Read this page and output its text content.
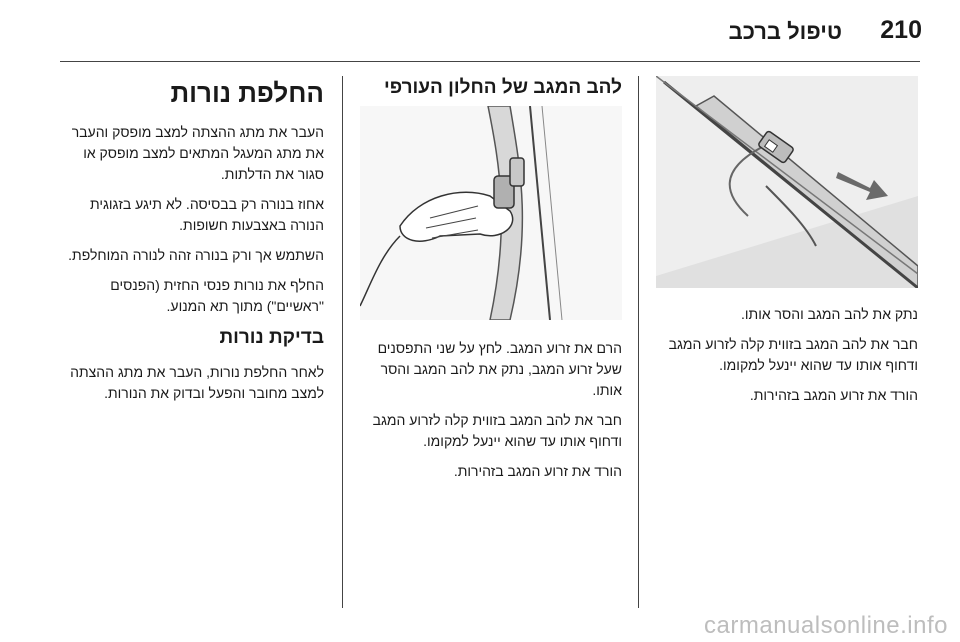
210
טיפול ברכב

נתק את להב המגב והסר אותו.

חבר את להב המגב בזווית קלה לזרוע המגב ודחוף אותו עד שהוא יינעל למקומו.

הורד את זרוע המגב בזהירות.

להב המגב של החלון העורפי

הרם את זרוע המגב. לחץ על שני התפסנים שעל זרוע המגב, נתק את להב המגב והסר אותו.

חבר את להב המגב בזווית קלה לזרוע המגב ודחוף אותו עד שהוא יינעל למקומו.

הורד את זרוע המגב בזהירות.

החלפת נורות

העבר את מתג ההצתה למצב מופסק והעבר את מתג המעגל המתאים למצב מופסק או סגור את הדלתות.

אחוז בנורה רק בבסיסה. לא תיגע בזגוגית הנורה באצבעות חשופות.

השתמש אך ורק בנורה זהה לנורה המוחלפת.

החלף את נורות פנסי החזית (הפנסים "ראשיים") מתוך תא המנוע.

בדיקת נורות

לאחר החלפת נורות, העבר את מתג ההצתה למצב מחובר והפעל ובדוק את הנורות.

carmanualsonline.info
